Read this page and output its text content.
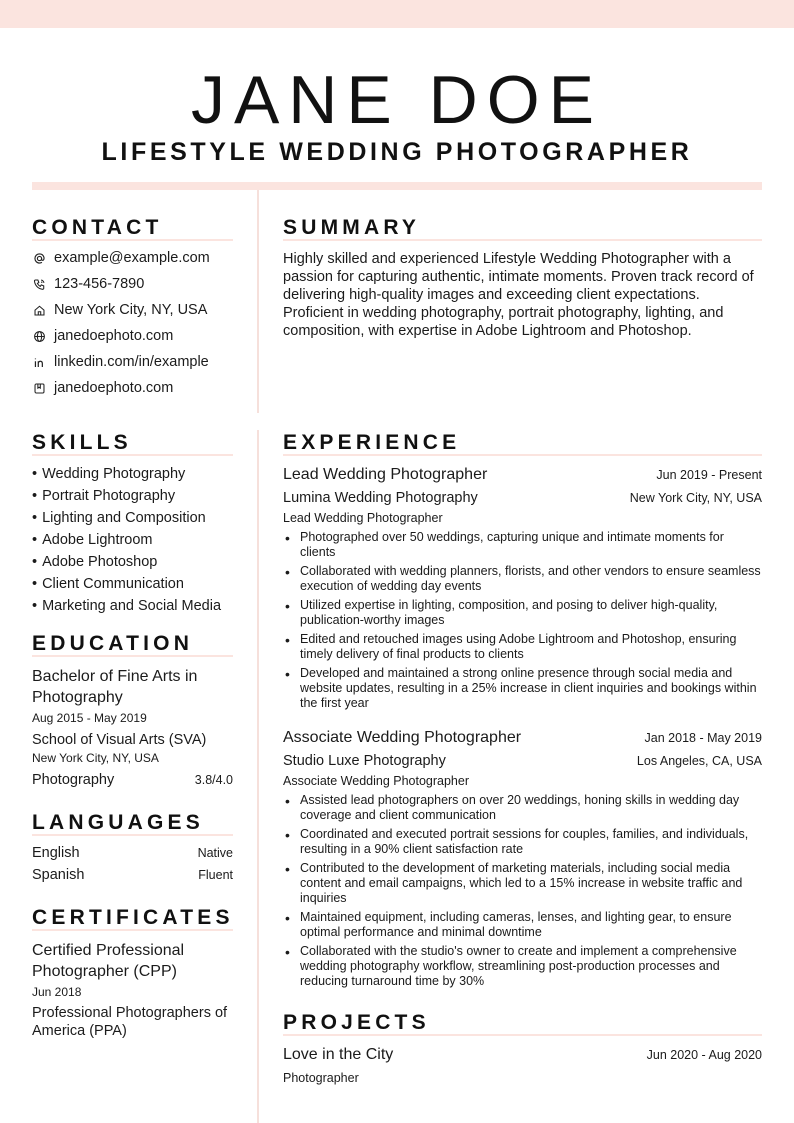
JANE DOE
LIFESTYLE WEDDING PHOTOGRAPHER
CONTACT
example@example.com
123-456-7890
New York City, NY, USA
janedoephoto.com
linkedin.com/in/example
janedoephoto.com
SUMMARY
Highly skilled and experienced Lifestyle Wedding Photographer with a passion for capturing authentic, intimate moments. Proven track record of delivering high-quality images and exceeding client expectations. Proficient in wedding photography, portrait photography, lighting, and composition, with expertise in Adobe Lightroom and Photoshop.
SKILLS
• Wedding Photography
• Portrait Photography
• Lighting and Composition
• Adobe Lightroom
• Adobe Photoshop
• Client Communication
• Marketing and Social Media
EDUCATION
Bachelor of Fine Arts in Photography
Aug 2015 - May 2019
School of Visual Arts (SVA)
New York City, NY, USA
Photography	3.8/4.0
LANGUAGES
English	Native
Spanish	Fluent
CERTIFICATES
Certified Professional Photographer (CPP)
Jun 2018
Professional Photographers of America (PPA)
EXPERIENCE
Lead Wedding Photographer	Jun 2019 - Present
Lumina Wedding Photography	New York City, NY, USA
Lead Wedding Photographer
• Photographed over 50 weddings, capturing unique and intimate moments for clients
• Collaborated with wedding planners, florists, and other vendors to ensure seamless execution of wedding day events
• Utilized expertise in lighting, composition, and posing to deliver high-quality, publication-worthy images
• Edited and retouched images using Adobe Lightroom and Photoshop, ensuring timely delivery of final products to clients
• Developed and maintained a strong online presence through social media and website updates, resulting in a 25% increase in client inquiries and bookings within the first year
Associate Wedding Photographer	Jan 2018 - May 2019
Studio Luxe Photography	Los Angeles, CA, USA
Associate Wedding Photographer
• Assisted lead photographers on over 20 weddings, honing skills in wedding day coverage and client communication
• Coordinated and executed portrait sessions for couples, families, and individuals, resulting in a 90% client satisfaction rate
• Contributed to the development of marketing materials, including social media content and email campaigns, which led to a 15% increase in website traffic and inquiries
• Maintained equipment, including cameras, lenses, and lighting gear, to ensure optimal performance and minimal downtime
• Collaborated with the studio's owner to create and implement a comprehensive wedding photography workflow, streamlining post-production processes and reducing turnaround time by 30%
PROJECTS
Love in the City	Jun 2020 - Aug 2020
Photographer
